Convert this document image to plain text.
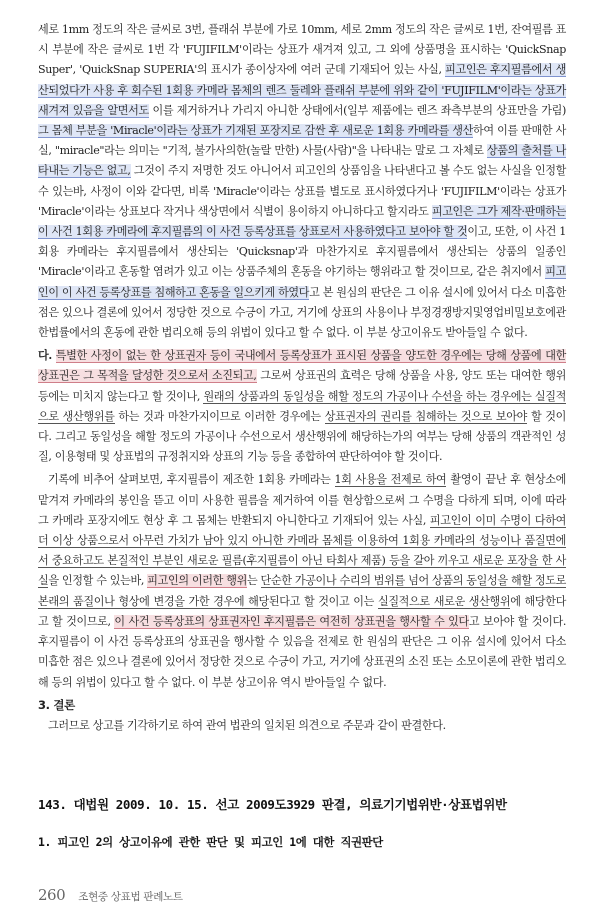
세로 1mm 정도의 작은 글씨로 3번, 플래쉬 부분에 가로 10mm, 세로 2mm 정도의 작은 글씨로 1번, 잔여필름 표시 부분에 작은 글씨로 1번 각 'FUJIFILM'이라는 상표가 새겨져 있고, 그 외에 상품명을 표시하는 'QuickSnap Super', 'QuickSnap SUPERIA'의 표시가 종이상자에 여러 군데 기재되어 있는 사실, 피고인은 후지필름에서 생산되었다가 사용 후 회수된 1회용 카메라 몸체의 렌즈 둘레와 플래쉬 부분에 위와 같이 'FUJIFILM'이라는 상표가 새겨져 있음을 알면서도 이를 제거하거나 가리지 아니한 상태에서(일부 제품에는 렌즈 좌측부분의 상표만을 가림) 그 몸체 부분을 'Miracle'이라는 상표가 기재된 포장지로 감싼 후 새로운 1회용 카메라를 생산하여 이를 판매한 사실, "miracle"라는 의미는 "기적, 불가사의한(놀랄 만한) 사물(사람)"을 나타내는 말로 그 자체로 상품의 출처를 나타내는 기능은 없고, 그것이 주지 저명한 것도 아니어서 피고인의 상품임을 나타낸다고 볼 수도 없는 사실을 인정할 수 있는바, 사정이 이와 같다면, 비록 'Miracle'이라는 상표를 별도로 표시하였다거나 'FUJIFILM'이라는 상표가 'Miracle'이라는 상표보다 작거나 색상면에서 식별이 용이하지 아니하다고 할지라도 피고인은 그가 제작·판매하는 이 사건 1회용 카메라에 후지필름의 이 사건 등록상표를 상표로서 사용하였다고 보아야 할 것이고, 또한, 이 사건 1회용 카메라는 후지필름에서 생산되는 'Quicksnap'과 마찬가지로 후지필름에서 생산되는 상품의 일종인 'Miracle'이라고 혼동할 염려가 있고 이는 상품주체의 혼동을 야기하는 행위라고 할 것이므로, 같은 취지에서 피고인이 이 사건 등록상표를 침해하고 혼동을 일으키게 하였다고 본 원심의 판단은 그 이유 설시에 있어서 다소 미흡한 점은 있으나 결론에 있어서 정당한 것으로 수긍이 가고, 거기에 상표의 사용이나 부정경쟁방지및영업비밀보호에관한법률에서의 혼동에 관한 법리오해 등의 위법이 있다고 할 수 없다. 이 부분 상고이유도 받아들일 수 없다.

다. 특별한 사정이 없는 한 상표권자 등이 국내에서 등록상표가 표시된 상품을 양도한 경우에는 당해 상품에 대한 상표권은 그 목적을 달성한 것으로서 소진되고, 그로써 상표권의 효력은 당해 상품을 사용, 양도 또는 대여한 행위 등에는 미치지 않는다고 할 것이나, 원래의 상품과의 동일성을 해할 정도의 가공이나 수선을 하는 경우에는 실질적으로 생산행위를 하는 것과 마찬가지이므로 이러한 경우에는 상표권자의 권리를 침해하는 것으로 보아야 할 것이다. 그리고 동일성을 해할 정도의 가공이나 수선으로서 생산행위에 해당하는가의 여부는 당해 상품의 객관적인 성질, 이용형태 및 상표법의 규정취지와 상표의 기능 등을 종합하여 판단하여야 할 것이다.

기록에 비추어 살펴보면, 후지필름이 제조한 1회용 카메라는 1회 사용을 전제로 하여 촬영이 끝난 후 현상소에 맡겨져 카메라의 봉인을 뜯고 이미 사용한 필름을 제거하여 이를 현상함으로써 그 수명을 다하게 되며, 이에 따라 그 카메라 포장지에도 현상 후 그 몸체는 반환되지 아니한다고 기재되어 있는 사실, 피고인이 이미 수명이 다하여 더 이상 상품으로서 아무런 가치가 남아 있지 아니한 카메라 몸체를 이용하여 1회용 카메라의 성능이나 품질면에서 중요하고도 본질적인 부분인 새로운 필름(후지필름이 아닌 타회사 제품) 등을 갈아 끼우고 새로운 포장을 한 사실을 인정할 수 있는바, 피고인의 이러한 행위는 단순한 가공이나 수리의 범위를 넘어 상품의 동일성을 해할 정도로 본래의 품질이나 형상에 변경을 가한 경우에 해당된다고 할 것이고 이는 실질적으로 새로운 생산행위에 해당한다고 할 것이므로, 이 사건 등록상표의 상표권자인 후지필름은 여전히 상표권을 행사할 수 있다고 보아야 할 것이다. 후지필름이 이 사건 등록상표의 상표권을 행사할 수 있음을 전제로 한 원심의 판단은 그 이유 설시에 있어서 다소 미흡한 점은 있으나 결론에 있어서 정당한 것으로 수긍이 가고, 거기에 상표권의 소진 또는 소모이론에 관한 법리오해 등의 위법이 있다고 할 수 없다. 이 부분 상고이유 역시 받아들일 수 없다.

3. 결론

그러므로 상고를 기각하기로 하여 관여 법관의 일치된 의견으로 주문과 같이 판결한다.

143. 대법원 2009. 10. 15. 선고 2009도3929 판결, 의료기기법위반·상표법위반
1. 피고인 2의 상고이유에 관한 판단 및 피고인 1에 대한 직권판단
260 조현중 상표법 판례노트
